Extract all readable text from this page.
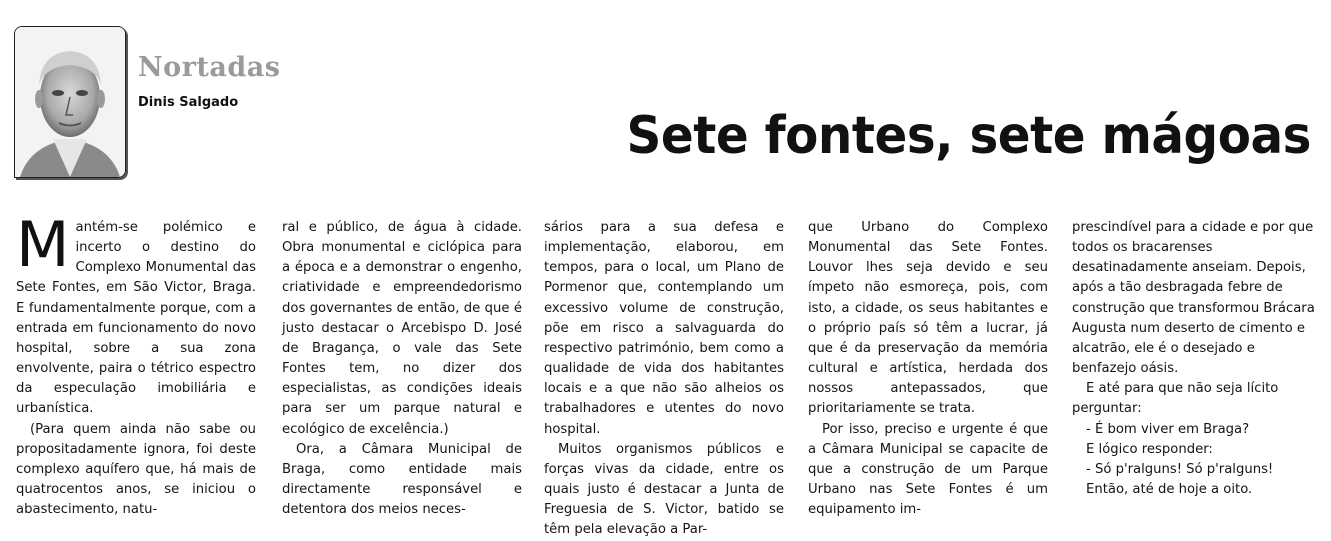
Nortadas
Dinis Salgado
Sete fontes, sete mágoas

Mantém-se polémico e incerto o destino do Complexo Monumental das Sete Fontes, em São Victor, Braga. E fundamentalmente porque, com a entrada em funcionamento do novo hospital, sobre a sua zona envolvente, paira o tétrico espectro da especulação imobiliária e urbanística.

(Para quem ainda não sabe ou propositadamente ignora, foi deste complexo aquífero que, há mais de quatrocentos anos, se iniciou o abastecimento, natu-

ral e público, de água à cidade. Obra monumental e ciclópica para a época e a demonstrar o engenho, criatividade e empreendedorismo dos governantes de então, de que é justo destacar o Arcebispo D. José de Bragança, o vale das Sete Fontes tem, no dizer dos especialistas, as condições ideais para ser um parque natural e ecológico de excelência.)

Ora, a Câmara Municipal de Braga, como entidade mais directamente responsável e detentora dos meios neces-

sários para a sua defesa e implementação, elaborou, em tempos, para o local, um Plano de Pormenor que, contemplando um excessivo volume de construção, põe em risco a salvaguarda do respectivo património, bem como a qualidade de vida dos habitantes locais e a que não são alheios os trabalhadores e utentes do novo hospital.

Muitos organismos públicos e forças vivas da cidade, entre os quais justo é destacar a Junta de Freguesia de S. Victor, batido se têm pela elevação a Par-

que Urbano do Complexo Monumental das Sete Fontes. Louvor lhes seja devido e seu ímpeto não esmoreça, pois, com isto, a cidade, os seus habitantes e o próprio país só têm a lucrar, já que é da preservação da memória cultural e artística, herdada dos nossos antepassados, que prioritariamente se trata.

Por isso, preciso e urgente é que a Câmara Municipal se capacite de que a construção de um Parque Urbano nas Sete Fontes é um equipamento im-

prescindível para a cidade e por que todos os bracarenses desatinadamente anseiam. Depois, após a tão desbragada febre de construção que transformou Brácara Augusta num deserto de cimento e alcatrão, ele é o desejado e benfazejo oásis.

E até para que não seja lícito perguntar:

- É bom viver em Braga?

E lógico responder:

- Só p'ralguns! Só p'ralguns!

Então, até de hoje a oito.
